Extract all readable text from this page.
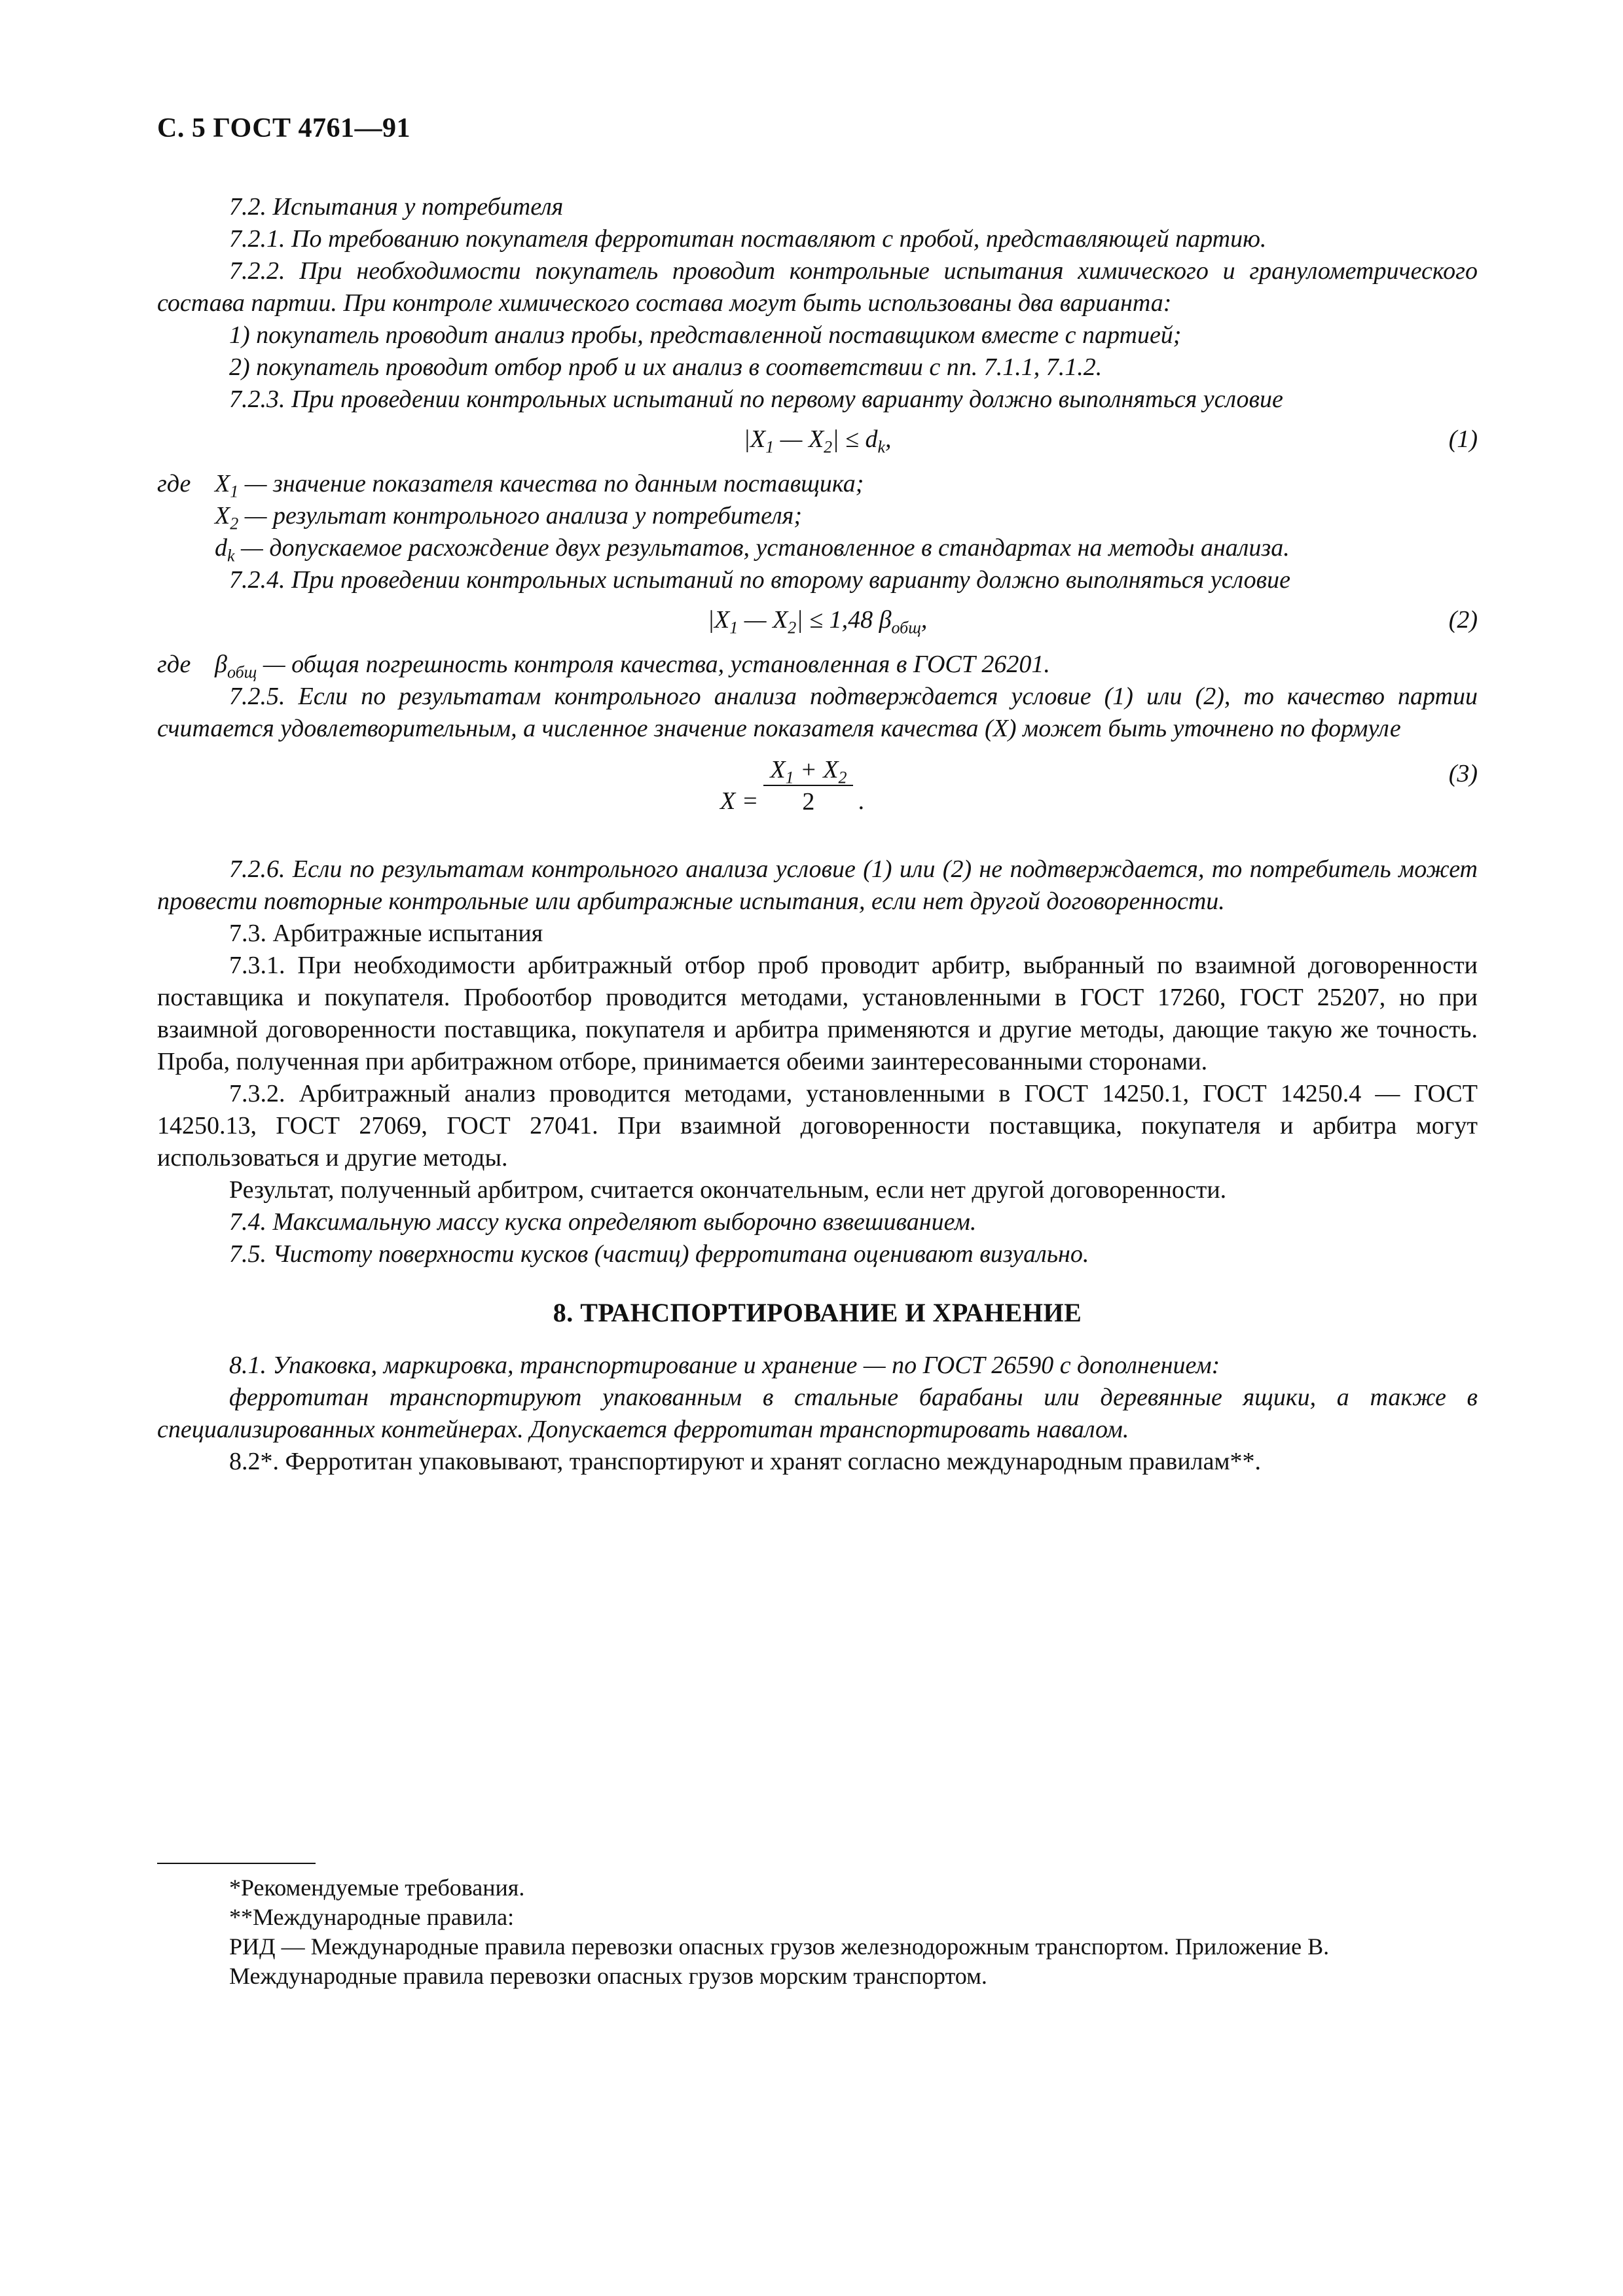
С. 5 ГОСТ 4761—91

7.2. Испытания у потребителя

7.2.1. По требованию покупателя ферротитан поставляют с пробой, представляющей партию.

7.2.2. При необходимости покупатель проводит контрольные испытания химического и гранулометрического состава партии. При контроле химического состава могут быть использованы два варианта:

1) покупатель проводит анализ пробы, представленной поставщиком вместе с партией;

2) покупатель проводит отбор проб и их анализ в соответствии с пп. 7.1.1, 7.1.2.

7.2.3. При проведении контрольных испытаний по первому варианту должно выполняться условие

$|X_1$ — $X_2| \le d_k$,	(1)
где $X_1$ — значение показателя качества по данным поставщика;
$X_2$ — результат контрольного анализа у потребителя;
$d_k$ — допускаемое расхождение двух результатов, установленное в стандартах на методы анализа.

7.2.4. При проведении контрольных испытаний по второму варианту должно выполняться условие

$|X_1$ — $X_2| \le 1,48$ $\beta_{общ}$,	(2)
где $\beta_{общ}$ — общая погрешность контроля качества, установленная в ГОСТ 26201.

7.2.5. Если по результатам контрольного анализа подтверждается условие (1) или (2), то качество партии считается удовлетворительным, а численное значение показателя качества (X) может быть уточнено по формуле

$X = \frac{X_1 + X_2}{2}$ .
(3)

7.2.6. Если по результатам контрольного анализа условие (1) или (2) не подтверждается, то потребитель может провести повторные контрольные или арбитражные испытания, если нет другой договоренности.

7.3. Арбитражные испытания

7.3.1. При необходимости арбитражный отбор проб проводит арбитр, выбранный по взаимной договоренности поставщика и покупателя. Пробоотбор проводится методами, установленными в ГОСТ 17260, ГОСТ 25207, но при взаимной договоренности поставщика, покупателя и арбитра применяются и другие методы, дающие такую же точность. Проба, полученная при арбитражном отборе, принимается обеими заинтересованными сторонами.

7.3.2. Арбитражный анализ проводится методами, установленными в ГОСТ 14250.1, ГОСТ 14250.4 — ГОСТ 14250.13, ГОСТ 27069, ГОСТ 27041. При взаимной договоренности поставщика, покупателя и арбитра могут использоваться и другие методы.

Результат, полученный арбитром, считается окончательным, если нет другой договоренности.

7.4. Максимальную массу куска определяют выборочно взвешиванием.

7.5. Чистоту поверхности кусков (частиц) ферротитана оценивают визуально.

8. ТРАНСПОРТИРОВАНИЕ И ХРАНЕНИЕ

8.1. Упаковка, маркировка, транспортирование и хранение — по ГОСТ 26590 с дополнением:

ферротитан транспортируют упакованным в стальные барабаны или деревянные ящики, а также в специализированных контейнерах. Допускается ферротитан транспортировать навалом.

8.2*. Ферротитан упаковывают, транспортируют и хранят согласно международным правилам**.

*Рекомендуемые требования.

**Международные правила:

РИД — Международные правила перевозки опасных грузов железнодорожным транспортом. Приложение В.

Международные правила перевозки опасных грузов морским транспортом.
